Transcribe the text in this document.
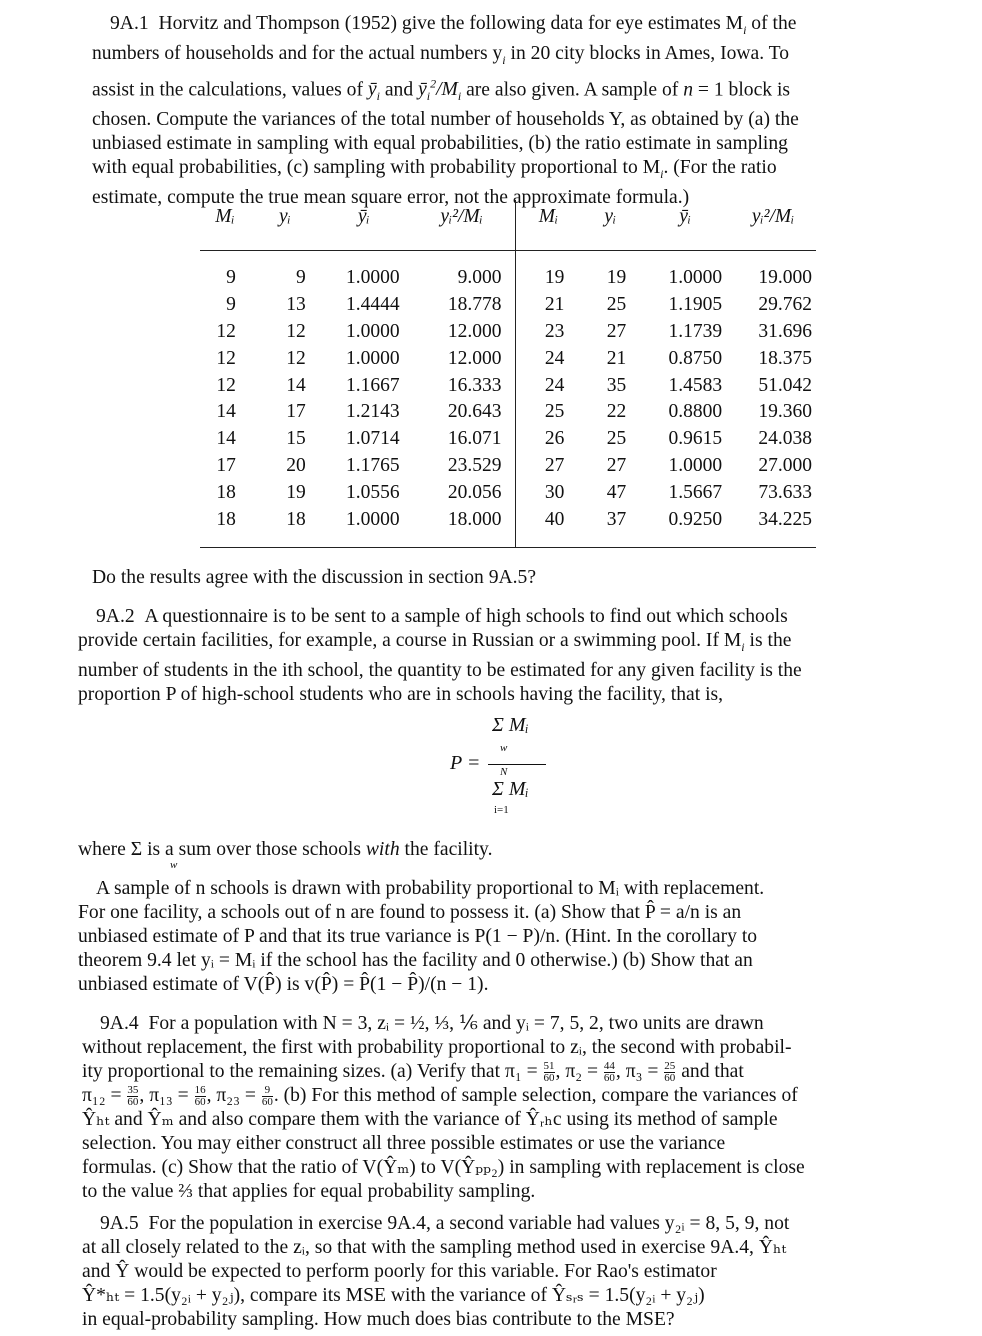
9A.1 Horvitz and Thompson (1952) give the following data for eye estimates $M_i$ of the
numbers of households and for the actual numbers $y_i$ in 20 city blocks in Ames, Iowa. To
assist in the calculations, values of $ȳ_i$ and $ȳ_i^2/M_i$ are also given. A sample of n = 1 block is
chosen. Compute the variances of the total number of households Y, as obtained by (a) the
unbiased estimate in sampling with equal probabilities, (b) the ratio estimate in sampling
with equal probabilities, (c) sampling with probability proportional to $M_i$. (For the ratio
estimate, compute the true mean square error, not the approximate formula.)
Mᵢ	yᵢ	ȳᵢ	yᵢ²/Mᵢ	Mᵢ	yᵢ	ȳᵢ	yᵢ²/Mᵢ

9	9	1.0000	9.000	19	19	1.0000	19.000
9	13	1.4444	18.778	21	25	1.1905	29.762
12	12	1.0000	12.000	23	27	1.1739	31.696
12	12	1.0000	12.000	24	21	0.8750	18.375
12	14	1.1667	16.333	24	35	1.4583	51.042
14	17	1.2143	20.643	25	22	0.8800	19.360
14	15	1.0714	16.071	26	25	0.9615	24.038
17	20	1.1765	23.529	27	27	1.0000	27.000
18	19	1.0556	20.056	30	47	1.5667	73.633
18	18	1.0000	18.000	40	37	0.9250	34.225

Do the results agree with the discussion in section 9A.5?
9A.2 A questionnaire is to be sent to a sample of high schools to find out which schools
provide certain facilities, for example, a course in Russian or a swimming pool. If $M_i$ is the
number of students in the ith school, the quantity to be estimated for any given facility is the
proportion P of high-school students who are in schools having the facility, that is,
P =
Σ Mᵢ
w
N
Σ Mᵢ
i=1
where Σ is a sum over those schools with the facility.
w
A sample of n schools is drawn with probability proportional to Mᵢ with replacement.
For one facility, a schools out of n are found to possess it. (a) Show that P̂ = a/n is an
unbiased estimate of P and that its true variance is P(1 − P)/n. (Hint. In the corollary to
theorem 9.4 let yᵢ = Mᵢ if the school has the facility and 0 otherwise.) (b) Show that an
unbiased estimate of V(P̂) is v(P̂) = P̂(1 − P̂)/(n − 1).
9A.4 For a population with N = 3, zᵢ = ½, ⅓, ⅙ and yᵢ = 7, 5, 2, two units are drawn
without replacement, the first with probability proportional to zᵢ, the second with probabil-
ity proportional to the remaining sizes. (a) Verify that $\pi_1 = \frac{51}{60}$ , $\pi_2 = \frac{44}{60}$ , $\pi_3 = \frac{25}{60}$ and that
$\pi_{12} = \frac{35}{60}$ , $\pi_{13} = \frac{16}{60}$ , $\pi_{23} = \frac{9}{60}$ . (b) For this method of sample selection, compare the variances of
Ŷₕₜ and Ŷₘ and also compare them with the variance of Ŷᵣₕc using its method of sample
selection. You may either construct all three possible estimates or use the variance
formulas. (c) Show that the ratio of V(Ŷₘ) to V(Ŷₚₚ₂) in sampling with replacement is close
to the value ⅔ that applies for equal probability sampling.
9A.5 For the population in exercise 9A.4, a second variable had values y₂ᵢ = 8, 5, 9, not
at all closely related to the zᵢ, so that with the sampling method used in exercise 9A.4, Ŷₕₜ
and Ŷ would be expected to perform poorly for this variable. For Rao's estimator
Ŷ*ₕₜ = 1.5(y₂ᵢ + y₂ⱼ), compare its MSE with the variance of Ŷₛᵣₛ = 1.5(y₂ᵢ + y₂ⱼ)
in equal-probability sampling. How much does bias contribute to the MSE?
